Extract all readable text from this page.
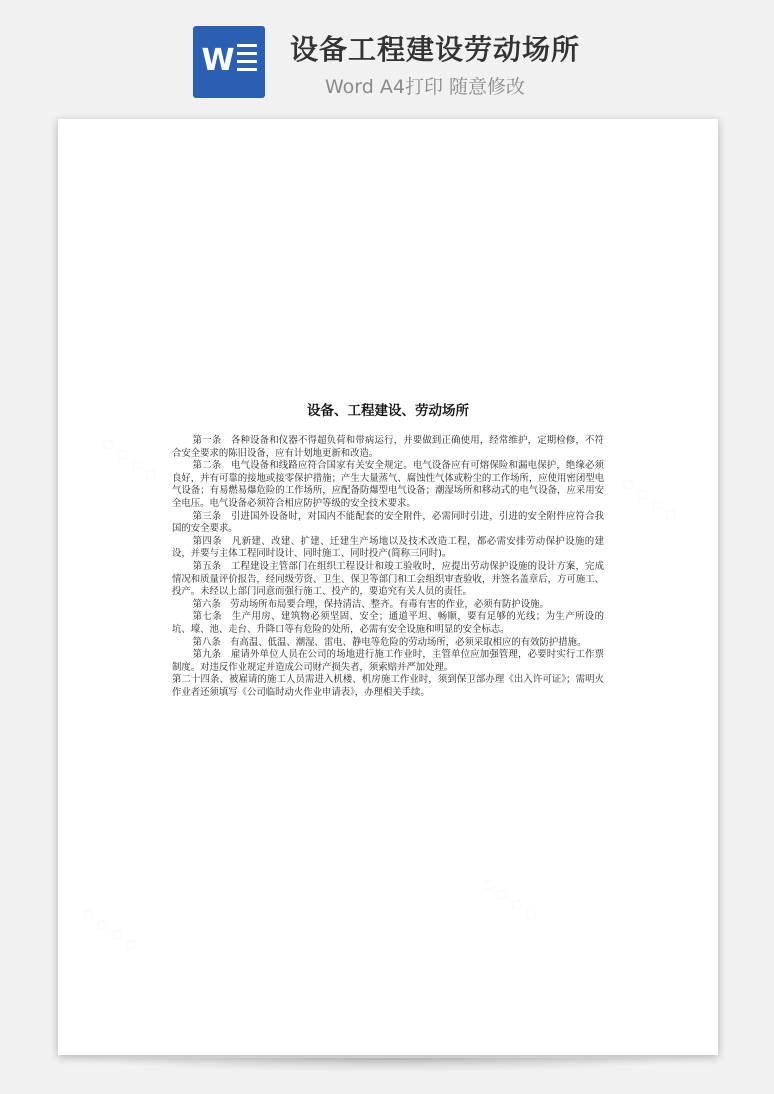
W 设备工程建设劳动场所
Word A4打印 随意修改
设备、工程建设、劳动场所

第一条　各种设备和仪器不得超负荷和带病运行，并要做到正确使用，经常维护，定期检修，不符合安全要求的陈旧设备，应有计划地更新和改造。

第二条　电气设备和线路应符合国家有关安全规定。电气设备应有可熔保险和漏电保护，绝缘必须良好，并有可靠的接地或接零保护措施；产生大量蒸气、腐蚀性气体或粉尘的工作场所，应使用密闭型电气设备；有易燃易爆危险的工作场所，应配备防爆型电气设备；潮湿场所和移动式的电气设备，应采用安全电压。电气设备必须符合相应防护等级的安全技术要求。

第三条　引进国外设备时，对国内不能配套的安全附件，必需同时引进，引进的安全附件应符合我国的安全要求。

第四条　凡新建、改建、扩建、迁建生产场地以及技术改造工程，都必需安排劳动保护设施的建设，并要与主体工程同时设计、同时施工、同时投产(简称三同时)。

第五条　工程建设主管部门在组织工程设计和竣工验收时，应提出劳动保护设施的设计方案，完成情况和质量评价报告，经同级劳资、卫生、保卫等部门和工会组织审查验收，并签名盖章后，方可施工、投产。未经以上部门同意而强行施工、投产的，要追究有关人员的责任。

第六条　劳动场所布局要合理，保持清洁、整齐。有毒有害的作业，必须有防护设施。

第七条　生产用房、建筑物必须坚固、安全；通道平坦、畅顺，要有足够的光线；为生产所设的坑、壕、池、走台、升降口等有危险的处所，必需有安全设施和明显的安全标志。

第八条　有高温、低温、潮湿、雷电、静电等危险的劳动场所，必须采取相应的有效防护措施。

第九条　雇请外单位人员在公司的场地进行施工作业时，主管单位应加强管理，必要时实行工作票制度。对违反作业规定并造成公司财产损失者，须索赔并严加处理。

第二十四条、被雇请的施工人员需进入机楼、机房施工作业时，须到保卫部办理《出入许可证》；需明火作业者还须填写《公司临时动火作业申请表》，办理相关手续。
